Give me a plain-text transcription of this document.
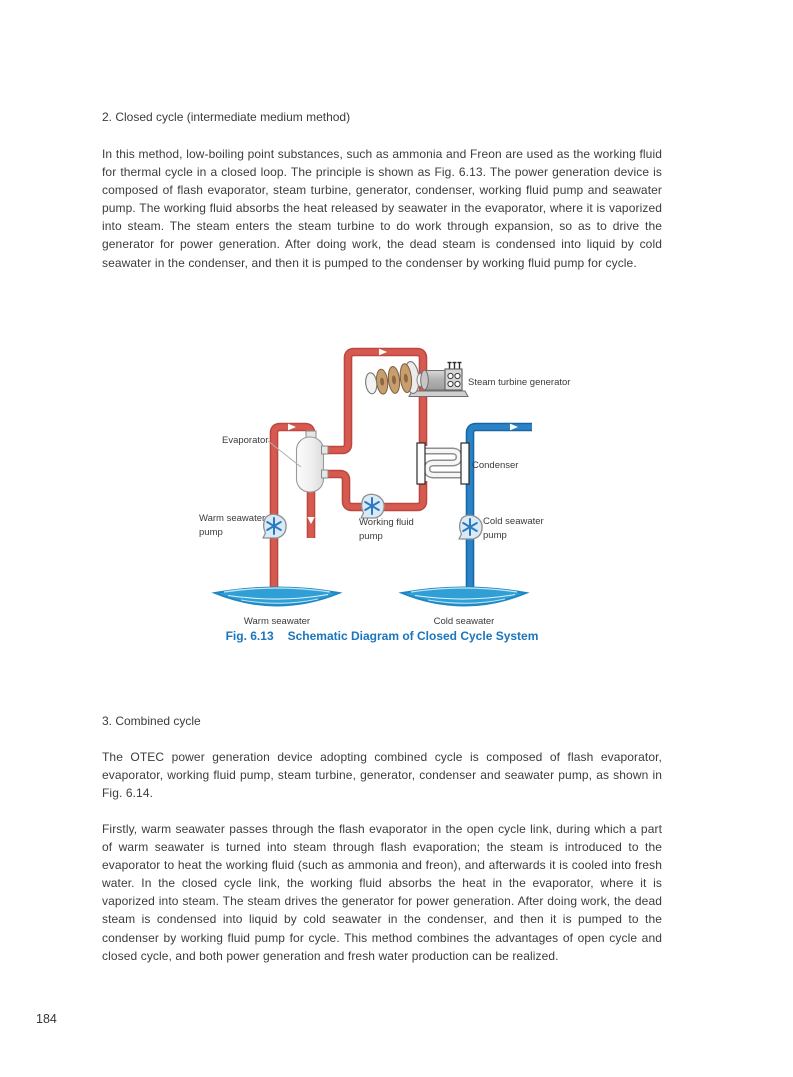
2. Closed cycle (intermediate medium method)

In this method, low-boiling point substances, such as ammonia and Freon are used as the working fluid for thermal cycle in a closed loop. The principle is shown as Fig. 6.13. The power generation device is composed of flash evaporator, steam turbine, generator, condenser, working fluid pump and seawater pump. The working fluid absorbs the heat released by seawater in the evaporator, where it is vaporized into steam. The steam enters the steam turbine to do work through expansion, so as to drive the generator for power generation. After doing work, the dead steam is condensed into liquid by cold seawater in the condenser, and then it is pumped to the condenser by working fluid pump for cycle.

Evaporator
Steam turbine generator
Condenser
Warm seawater
pump
Working fluid
pump
Cold seawater
pump
Warm seawater	Cold seawater
Fig. 6.13 Schematic Diagram of Closed Cycle System
3. Combined cycle

The OTEC power generation device adopting combined cycle is composed of flash evaporator, evaporator, working fluid pump, steam turbine, generator, condenser and seawater pump, as shown in Fig. 6.14.

Firstly, warm seawater passes through the flash evaporator in the open cycle link, during which a part of warm seawater is turned into steam through flash evaporation; the steam is introduced to the evaporator to heat the working fluid (such as ammonia and freon), and afterwards it is cooled into fresh water. In the closed cycle link, the working fluid absorbs the heat in the evaporator, where it is vaporized into steam. The steam drives the generator for power generation. After doing work, the dead steam is condensed into liquid by cold seawater in the condenser, and then it is pumped to the condenser by working fluid pump for cycle. This method combines the advantages of open cycle and closed cycle, and both power generation and fresh water production can be realized.

184
